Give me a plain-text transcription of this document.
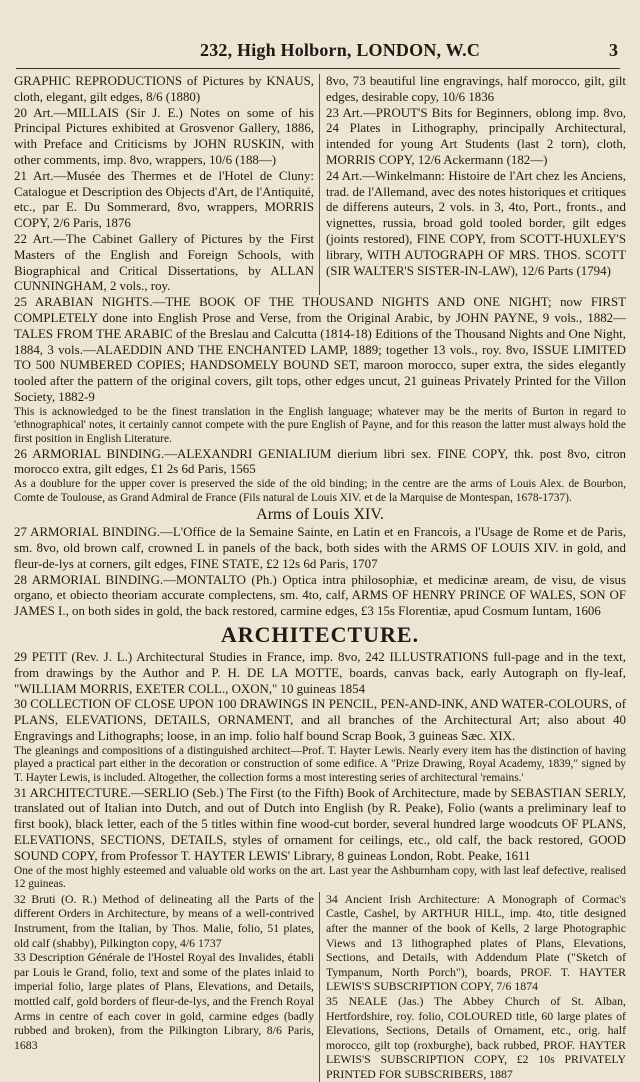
232, High Holborn, LONDON, W.C	3

GRAPHIC REPRODUCTIONS of Pictures by KNAUS, cloth, elegant, gilt edges, 8/6 (1880)

20 Art.—MILLAIS (Sir J. E.) Notes on some of his Principal Pictures exhibited at Grosvenor Gallery, 1886, with Preface and Criticisms by JOHN RUSKIN, with other comments, imp. 8vo, wrappers, 10/6 (188—)

21 Art.—Musée des Thermes et de l'Hotel de Cluny: Catalogue et Description des Objects d'Art, de l'Antiquité, etc., par E. Du Sommerard, 8vo, wrappers, MORRIS COPY, 2/6 Paris, 1876

22 Art.—The Cabinet Gallery of Pictures by the First Masters of the English and Foreign Schools, with Biographical and Critical Dissertations, by ALLAN CUNNINGHAM, 2 vols., roy.

8vo, 73 beautiful line engravings, half morocco, gilt, gilt edges, desirable copy, 10/6 1836

23 Art.—PROUT'S Bits for Beginners, oblong imp. 8vo, 24 Plates in Lithography, principally Architectural, intended for young Art Students (last 2 torn), cloth, MORRIS COPY, 12/6 Ackermann (182—)

24 Art.—Winkelmann: Histoire de l'Art chez les Anciens, trad. de l'Allemand, avec des notes historiques et critiques de differens auteurs, 2 vols. in 3, 4to, Port., fronts., and vignettes, russia, broad gold tooled border, gilt edges (joints restored), FINE COPY, from SCOTT-HUXLEY'S library, WITH AUTOGRAPH OF MRS. THOS. SCOTT (SIR WALTER'S SISTER-IN-LAW), 12/6 Parts (1794)

25 ARABIAN NIGHTS.—THE BOOK OF THE THOUSAND NIGHTS AND ONE NIGHT; now FIRST COMPLETELY done into English Prose and Verse, from the Original Arabic, by JOHN PAYNE, 9 vols., 1882—TALES FROM THE ARABIC of the Breslau and Calcutta (1814-18) Editions of the Thousand Nights and One Night, 1884, 3 vols.—ALAEDDIN AND THE ENCHANTED LAMP, 1889; together 13 vols., roy. 8vo, ISSUE LIMITED TO 500 NUMBERED COPIES; HANDSOMELY BOUND SET, maroon morocco, super extra, the sides elegantly tooled after the pattern of the original covers, gilt tops, other edges uncut, 21 guineas Privately Printed for the Villon Society, 1882-9

This is acknowledged to be the finest translation in the English language; whatever may be the merits of Burton in regard to 'ethnographical' notes, it certainly cannot compete with the pure English of Payne, and for this reason the latter must always hold the first position in English Literature.

26 ARMORIAL BINDING.—ALEXANDRI GENIALIUM dierium libri sex. FINE COPY, thk. post 8vo, citron morocco extra, gilt edges, £1 2s 6d Paris, 1565

As a doublure for the upper cover is preserved the side of the old binding; in the centre are the arms of Louis Alex. de Bourbon, Comte de Toulouse, as Grand Admiral de France (Fils natural de Louis XIV. et de la Marquise de Montespan, 1678-1737).

Arms of Louis XIV.

27 ARMORIAL BINDING.—L'Office de la Semaine Sainte, en Latin et en Francois, a l'Usage de Rome et de Paris, sm. 8vo, old brown calf, crowned L in panels of the back, both sides with the ARMS OF LOUIS XIV. in gold, and fleur-de-lys at corners, gilt edges, FINE STATE, £2 12s 6d Paris, 1707

28 ARMORIAL BINDING.—MONTALTO (Ph.) Optica intra philosophiæ, et medicinæ aream, de visu, de visus organo, et obiecto theoriam accurate complectens, sm. 4to, calf, ARMS OF HENRY PRINCE OF WALES, SON OF JAMES I., on both sides in gold, the back restored, carmine edges, £3 15s Florentiæ, apud Cosmum Iuntam, 1606

ARCHITECTURE.

29 PETIT (Rev. J. L.) Architectural Studies in France, imp. 8vo, 242 ILLUSTRATIONS full-page and in the text, from drawings by the Author and P. H. DE LA MOTTE, boards, canvas back, early Autograph on fly-leaf, "WILLIAM MORRIS, EXETER COLL., OXON," 10 guineas 1854

30 COLLECTION OF CLOSE UPON 100 DRAWINGS IN PENCIL, PEN-AND-INK, AND WATER-COLOURS, of PLANS, ELEVATIONS, DETAILS, ORNAMENT, and all branches of the Architectural Art; also about 40 Engravings and Lithographs; loose, in an imp. folio half bound Scrap Book, 3 guineas Sæc. XIX.

The gleanings and compositions of a distinguished architect—Prof. T. Hayter Lewis. Nearly every item has the distinction of having played a practical part either in the decoration or construction of some edifice. A "Prize Drawing, Royal Academy, 1839," signed by T. Hayter Lewis, is included. Altogether, the collection forms a most interesting series of architectural 'remains.'

31 ARCHITECTURE.—SERLIO (Seb.) The First (to the Fifth) Book of Architecture, made by SEBASTIAN SERLY, translated out of Italian into Dutch, and out of Dutch into English (by R. Peake), Folio (wants a preliminary leaf to first book), black letter, each of the 5 titles within fine wood-cut border, several hundred large woodcuts OF PLANS, ELEVATIONS, SECTIONS, DETAILS, styles of ornament for ceilings, etc., old calf, the back restored, GOOD SOUND COPY, from Professor T. HAYTER LEWIS' Library, 8 guineas London, Robt. Peake, 1611

One of the most highly esteemed and valuable old works on the art. Last year the Ashburnham copy, with last leaf defective, realised 12 guineas.

32 Bruti (O. R.) Method of delineating all the Parts of the different Orders in Architecture, by means of a well-contrived Instrument, from the Italian, by Thos. Malie, folio, 51 plates, old calf (shabby), Pilkington copy, 4/6 1737

33 Description Générale de l'Hostel Royal des Invalides, établi par Louis le Grand, folio, text and some of the plates inlaid to imperial folio, large plates of Plans, Elevations, and Details, mottled calf, gold borders of fleur-de-lys, and the French Royal Arms in centre of each cover in gold, carmine edges (badly rubbed and broken), from the Pilkington Library, 8/6 Paris, 1683

34 Ancient Irish Architecture: A Monograph of Cormac's Castle, Cashel, by ARTHUR HILL, imp. 4to, title designed after the manner of the book of Kells, 2 large Photographic Views and 13 lithographed plates of Plans, Elevations, Sections, and Details, with Addendum Plate ("Sketch of Tympanum, North Porch"), boards, PROF. T. HAYTER LEWIS'S SUBSCRIPTION COPY, 7/6 1874

35 NEALE (Jas.) The Abbey Church of St. Alban, Hertfordshire, roy. folio, COLOURED title, 60 large plates of Elevations, Sections, Details of Ornament, etc., orig. half morocco, gilt top (roxburghe), back rubbed, PROF. HAYTER LEWIS'S SUBSCRIPTION COPY, £2 10s PRIVATELY PRINTED FOR SUBSCRIBERS, 1887
